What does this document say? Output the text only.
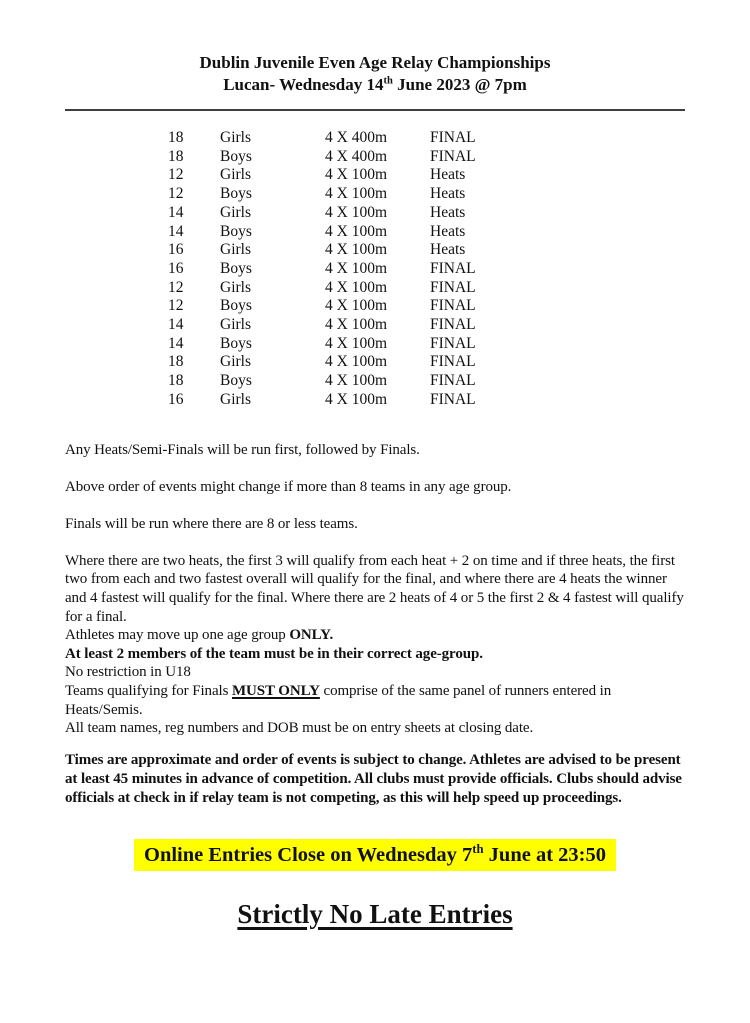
Dublin Juvenile Even Age Relay Championships
Lucan- Wednesday 14th June 2023 @ 7pm
18	Girls	4 X 400m	FINAL
18	Boys	4 X 400m	FINAL
12	Girls	4 X 100m	Heats
12	Boys	4 X 100m	Heats
14	Girls	4 X 100m	Heats
14	Boys	4 X 100m	Heats
16	Girls	4 X 100m	Heats
16	Boys	4 X 100m	FINAL
12	Girls	4 X 100m	FINAL
12	Boys	4 X 100m	FINAL
14	Girls	4 X 100m	FINAL
14	Boys	4 X 100m	FINAL
18	Girls	4 X 100m	FINAL
18	Boys	4 X 100m	FINAL
16	Girls	4 X 100m	FINAL
Any Heats/Semi-Finals will be run first, followed by Finals.
Above order of events might change if more than 8 teams in any age group.
Finals will be run where there are 8 or less teams.
Where there are two heats, the first 3 will qualify from each heat + 2 on time and if three heats, the first two from each and two fastest overall will qualify for the final, and where there are 4 heats the winner and 4 fastest will qualify for the final. Where there are 2 heats of 4 or 5 the first 2 & 4 fastest will qualify for a final.
Athletes may move up one age group ONLY.
At least 2 members of the team must be in their correct age-group.
No restriction in U18
Teams qualifying for Finals MUST ONLY comprise of the same panel of runners entered in Heats/Semis.
All team names, reg numbers and DOB must be on entry sheets at closing date.
Times are approximate and order of events is subject to change. Athletes are advised to be present at least 45 minutes in advance of competition. All clubs must provide officials. Clubs should advise officials at check in if relay team is not competing, as this will help speed up proceedings.
Online Entries Close on Wednesday 7th June at 23:50
Strictly No Late Entries
